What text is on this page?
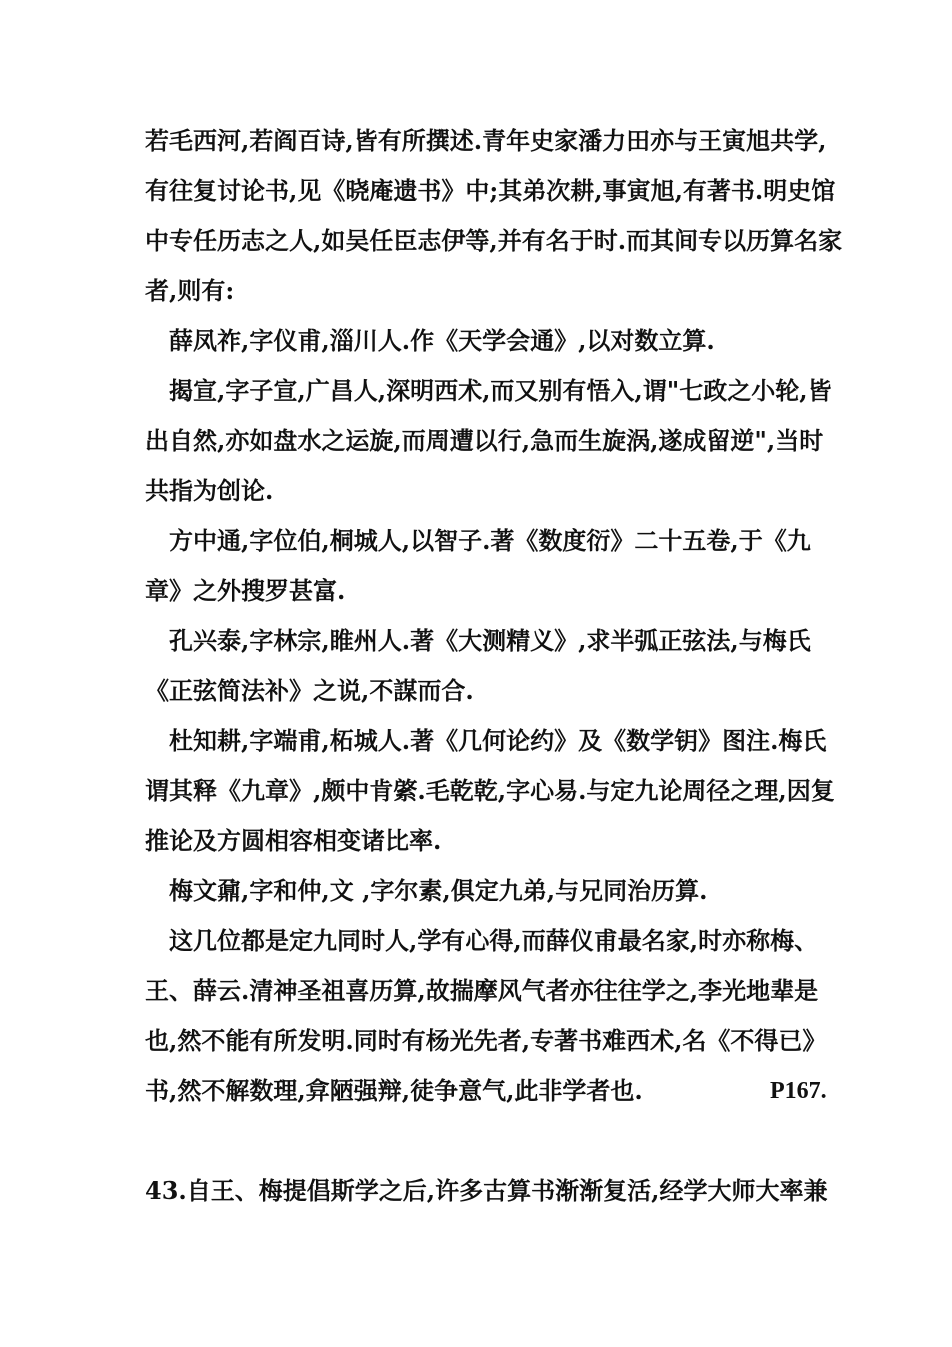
若毛西河,若阎百诗,皆有所撰述.青年史家潘力田亦与王寅旭共学,有往复讨论书,见《晓庵遗书》中;其弟次耕,事寅旭,有著书.明史馆中专任历志之人,如吴任臣志伊等,并有名于时.而其间专以历算名家者,则有:

薛凤祚,字仪甫,淄川人.作《天学会通》,以对数立算.

揭宣,字子宣,广昌人,深明西术,而又别有悟入,谓"七政之小轮,皆出自然,亦如盘水之运旋,而周遭以行,急而生旋涡,遂成留逆",当时共指为创论.

方中通,字位伯,桐城人,以智子.著《数度衍》二十五卷,于《九章》之外搜罗甚富.

孔兴泰,字林宗,睢州人.著《大测精义》,求半弧正弦法,与梅氏《正弦简法补》之说,不謀而合.

杜知耕,字端甫,柘城人.著《几何论约》及《数学钥》图注.梅氏谓其释《九章》,颇中肯綮.毛乾乾,字心易.与定九论周径之理,因复推论及方圆相容相变诸比率.

梅文鼐,字和仲,文 ,字尔素,俱定九弟,与兄同治历算.

这几位都是定九同时人,学有心得,而薛仪甫最名家,时亦称梅、王、薛云.清神圣祖喜历算,故揣摩风气者亦往往学之,李光地辈是也,然不能有所发明.同时有杨光先者,专著书难西术,名《不得已》书,然不解数理,弇陋强辩,徒争意气,此非学者也.	P167.

43.自王、梅提倡斯学之后,许多古算书渐渐复活,经学大师大率兼
